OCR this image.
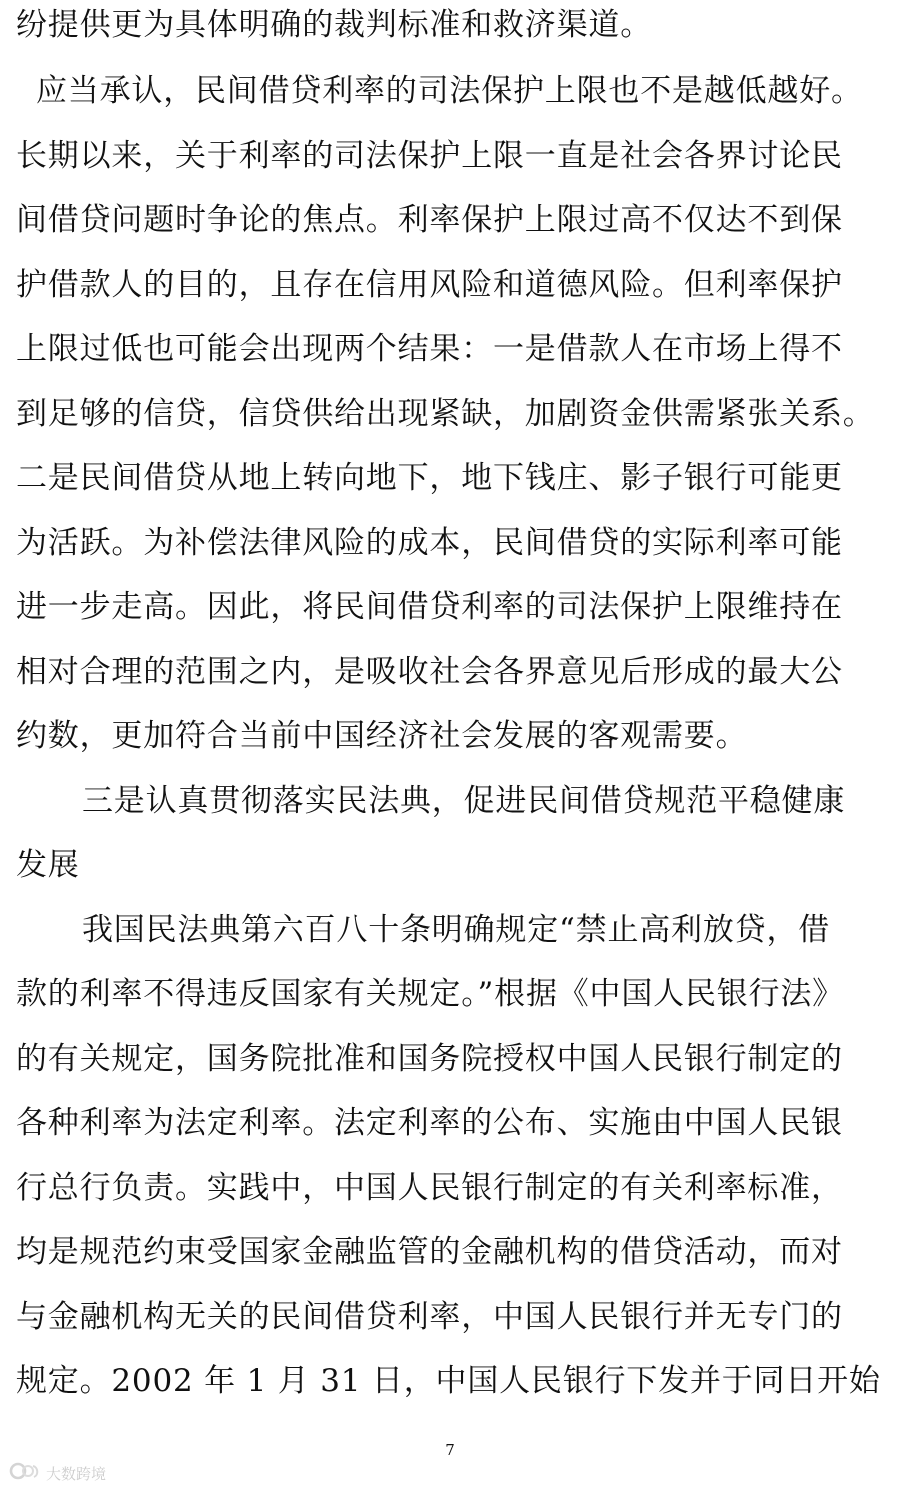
纷提供更为具体明确的裁判标准和救济渠道。
应当承认，民间借贷利率的司法保护上限也不是越低越好。
长期以来，关于利率的司法保护上限一直是社会各界讨论民
间借贷问题时争论的焦点。利率保护上限过高不仅达不到保
护借款人的目的，且存在信用风险和道德风险。但利率保护
上限过低也可能会出现两个结果：一是借款人在市场上得不
到足够的信贷，信贷供给出现紧缺，加剧资金供需紧张关系。
二是民间借贷从地上转向地下，地下钱庄、影子银行可能更
为活跃。为补偿法律风险的成本，民间借贷的实际利率可能
进一步走高。因此，将民间借贷利率的司法保护上限维持在
相对合理的范围之内，是吸收社会各界意见后形成的最大公
约数，更加符合当前中国经济社会发展的客观需要。
三是认真贯彻落实民法典，促进民间借贷规范平稳健康
发展
我国民法典第六百八十条明确规定“禁止高利放贷，借
款的利率不得违反国家有关规定。”根据《中国人民银行法》
的有关规定，国务院批准和国务院授权中国人民银行制定的
各种利率为法定利率。法定利率的公布、实施由中国人民银
行总行负责。实践中，中国人民银行制定的有关利率标准，
均是规范约束受国家金融监管的金融机构的借贷活动，而对
与金融机构无关的民间借贷利率，中国人民银行并无专门的
规定。2002 年 1 月 31 日，中国人民银行下发并于同日开始
7
大数跨境
